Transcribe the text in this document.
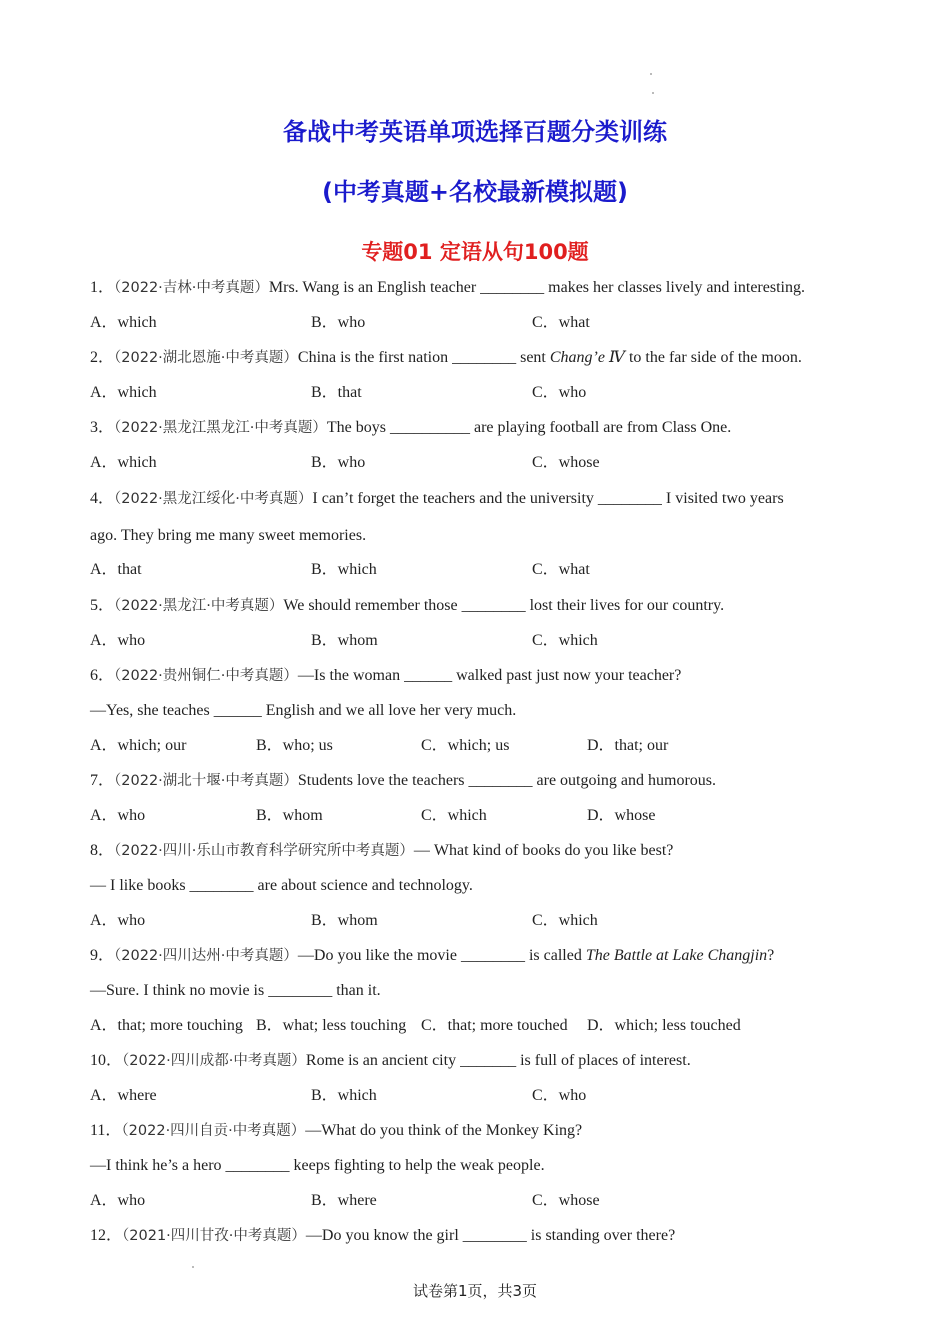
备战中考英语单项选择百题分类训练
(中考真题+名校最新模拟题)
专题01 定语从句100题
1．（2022·吉林·中考真题）Mrs. Wang is an English teacher ________ makes her classes lively and interesting.
A．which	B．who	C．what
2．（2022·湖北恩施·中考真题）China is the first nation ________ sent Chang’e Ⅳ to the far side of the moon.
A．which	B．that	C．who
3．（2022·黑龙江黑龙江·中考真题）The boys __________ are playing football are from Class One.
A．which	B．who	C．whose
4．（2022·黑龙江绥化·中考真题）I can’t forget the teachers and the university ________ I visited two years
ago. They bring me many sweet memories.
A．that	B．which	C．what
5．（2022·黑龙江·中考真题）We should remember those ________ lost their lives for our country.
A．who	B．whom	C．which
6．（2022·贵州铜仁·中考真题）—Is the woman ______ walked past just now your teacher?
—Yes, she teaches ______ English and we all love her very much.
A．which; our	B．who; us	C．which; us	D．that; our
7．（2022·湖北十堰·中考真题）Students love the teachers ________ are outgoing and humorous.
A．who	B．whom	C．which	D．whose
8．（2022·四川·乐山市教育科学研究所中考真题）— What kind of books do you like best?
— I like books ________ are about science and technology.
A．who	B．whom	C．which
9．（2022·四川达州·中考真题）—Do you like the movie ________ is called The Battle at Lake Changjin?
—Sure. I think no movie is ________ than it.
A．that; more touching B．what; less touching C．that; more touched D．which; less touched
10．（2022·四川成都·中考真题）Rome is an ancient city _______ is full of places of interest.
A．where	B．which	C．who
11．（2022·四川自贡·中考真题）—What do you think of the Monkey King?
—I think he’s a hero ________ keeps fighting to help the weak people.
A．who	B．where	C．whose
12．（2021·四川甘孜·中考真题）—Do you know the girl ________ is standing over there?
试卷第1页，共3页
